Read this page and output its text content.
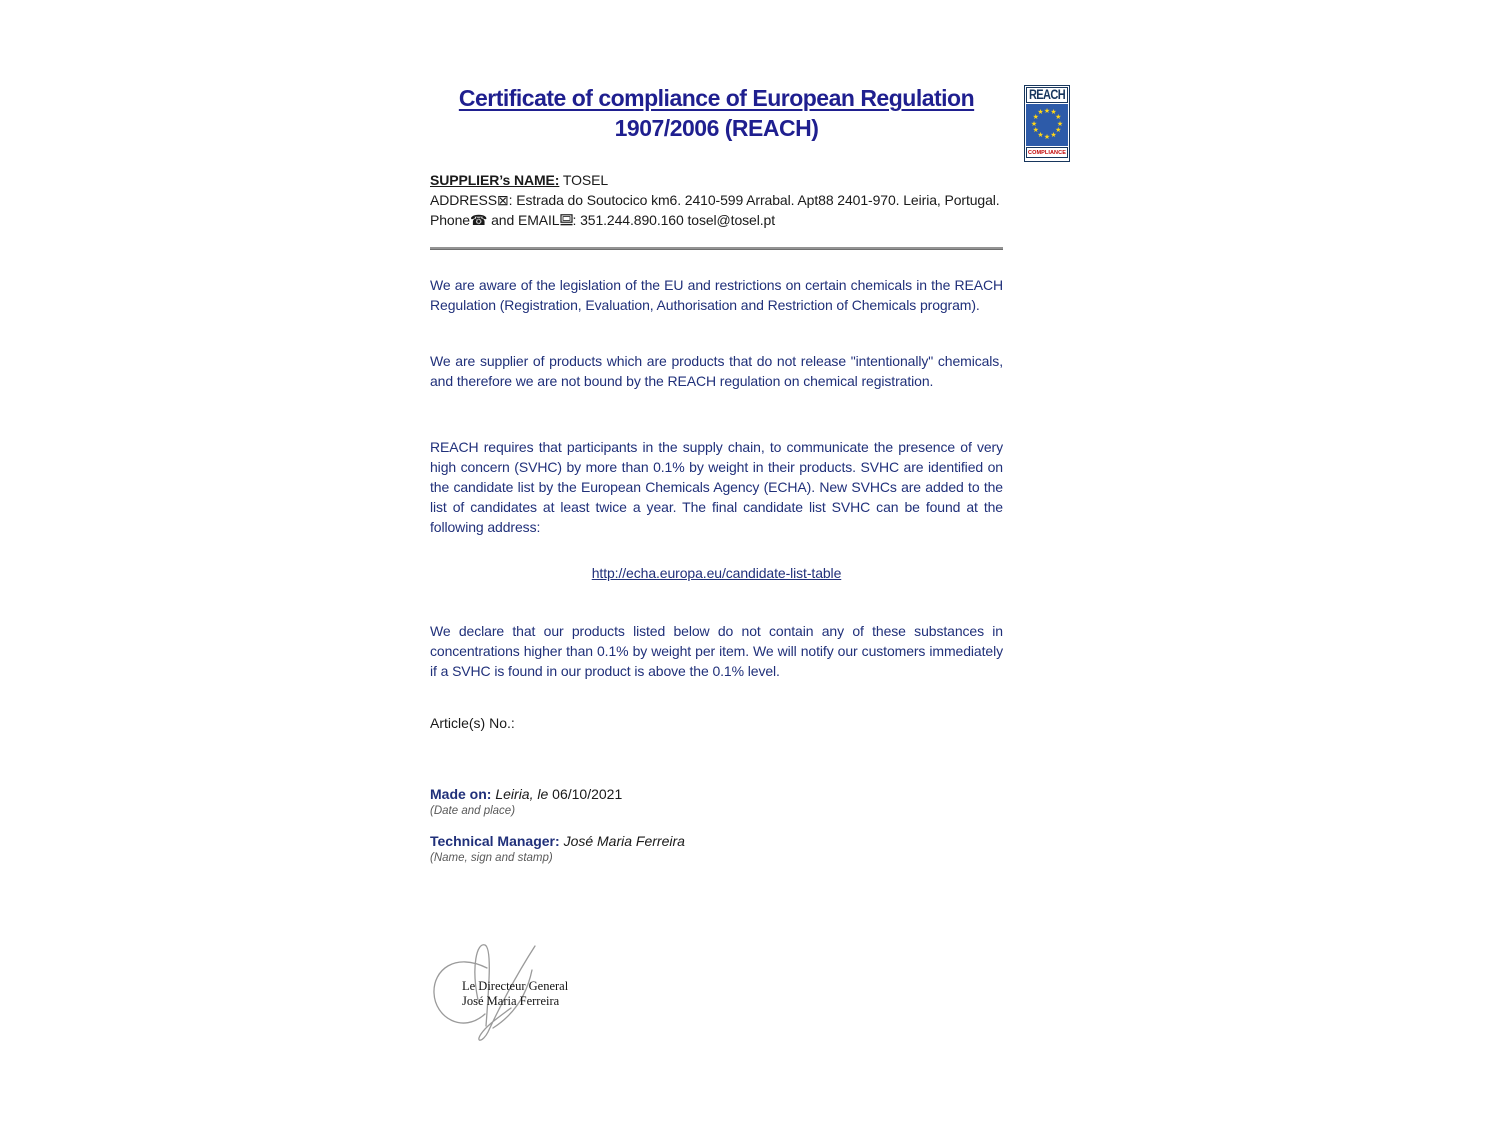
Certificate of compliance of European Regulation
1907/2006 (REACH)
SUPPLIER’s NAME: TOSEL
ADDRESS⊠: Estrada do Soutocico km6. 2410-599 Arrabal. Apt88 2401-970. Leiria, Portugal.
Phone☎ and EMAIL : 351.244.890.160 tosel@tosel.pt

We are aware of the legislation of the EU and restrictions on certain chemicals in the REACH Regulation (Registration, Evaluation, Authorisation and Restriction of Chemicals program).

We are supplier of products which are products that do not release "intentionally" chemicals, and therefore we are not bound by the REACH regulation on chemical registration.

REACH requires that participants in the supply chain, to communicate the presence of very high concern (SVHC) by more than 0.1% by weight in their products. SVHC are identified on the candidate list by the European Chemicals Agency (ECHA). New SVHCs are added to the list of candidates at least twice a year. The final candidate list SVHC can be found at the following address:

http://echa.europa.eu/candidate-list-table

We declare that our products listed below do not contain any of these substances in concentrations higher than 0.1% by weight per item. We will notify our customers immediately if a SVHC is found in our product is above the 0.1% level.

Article(s) No.:
Made on: Leiria, le 06/10/2021
(Date and place)
Technical Manager: José Maria Ferreira
(Name, sign and stamp)
Le Directeur General
José Maria Ferreira
REACH
★ ★
★
★
★
★
★
★
★
★
★
★
COMPLIANCE
